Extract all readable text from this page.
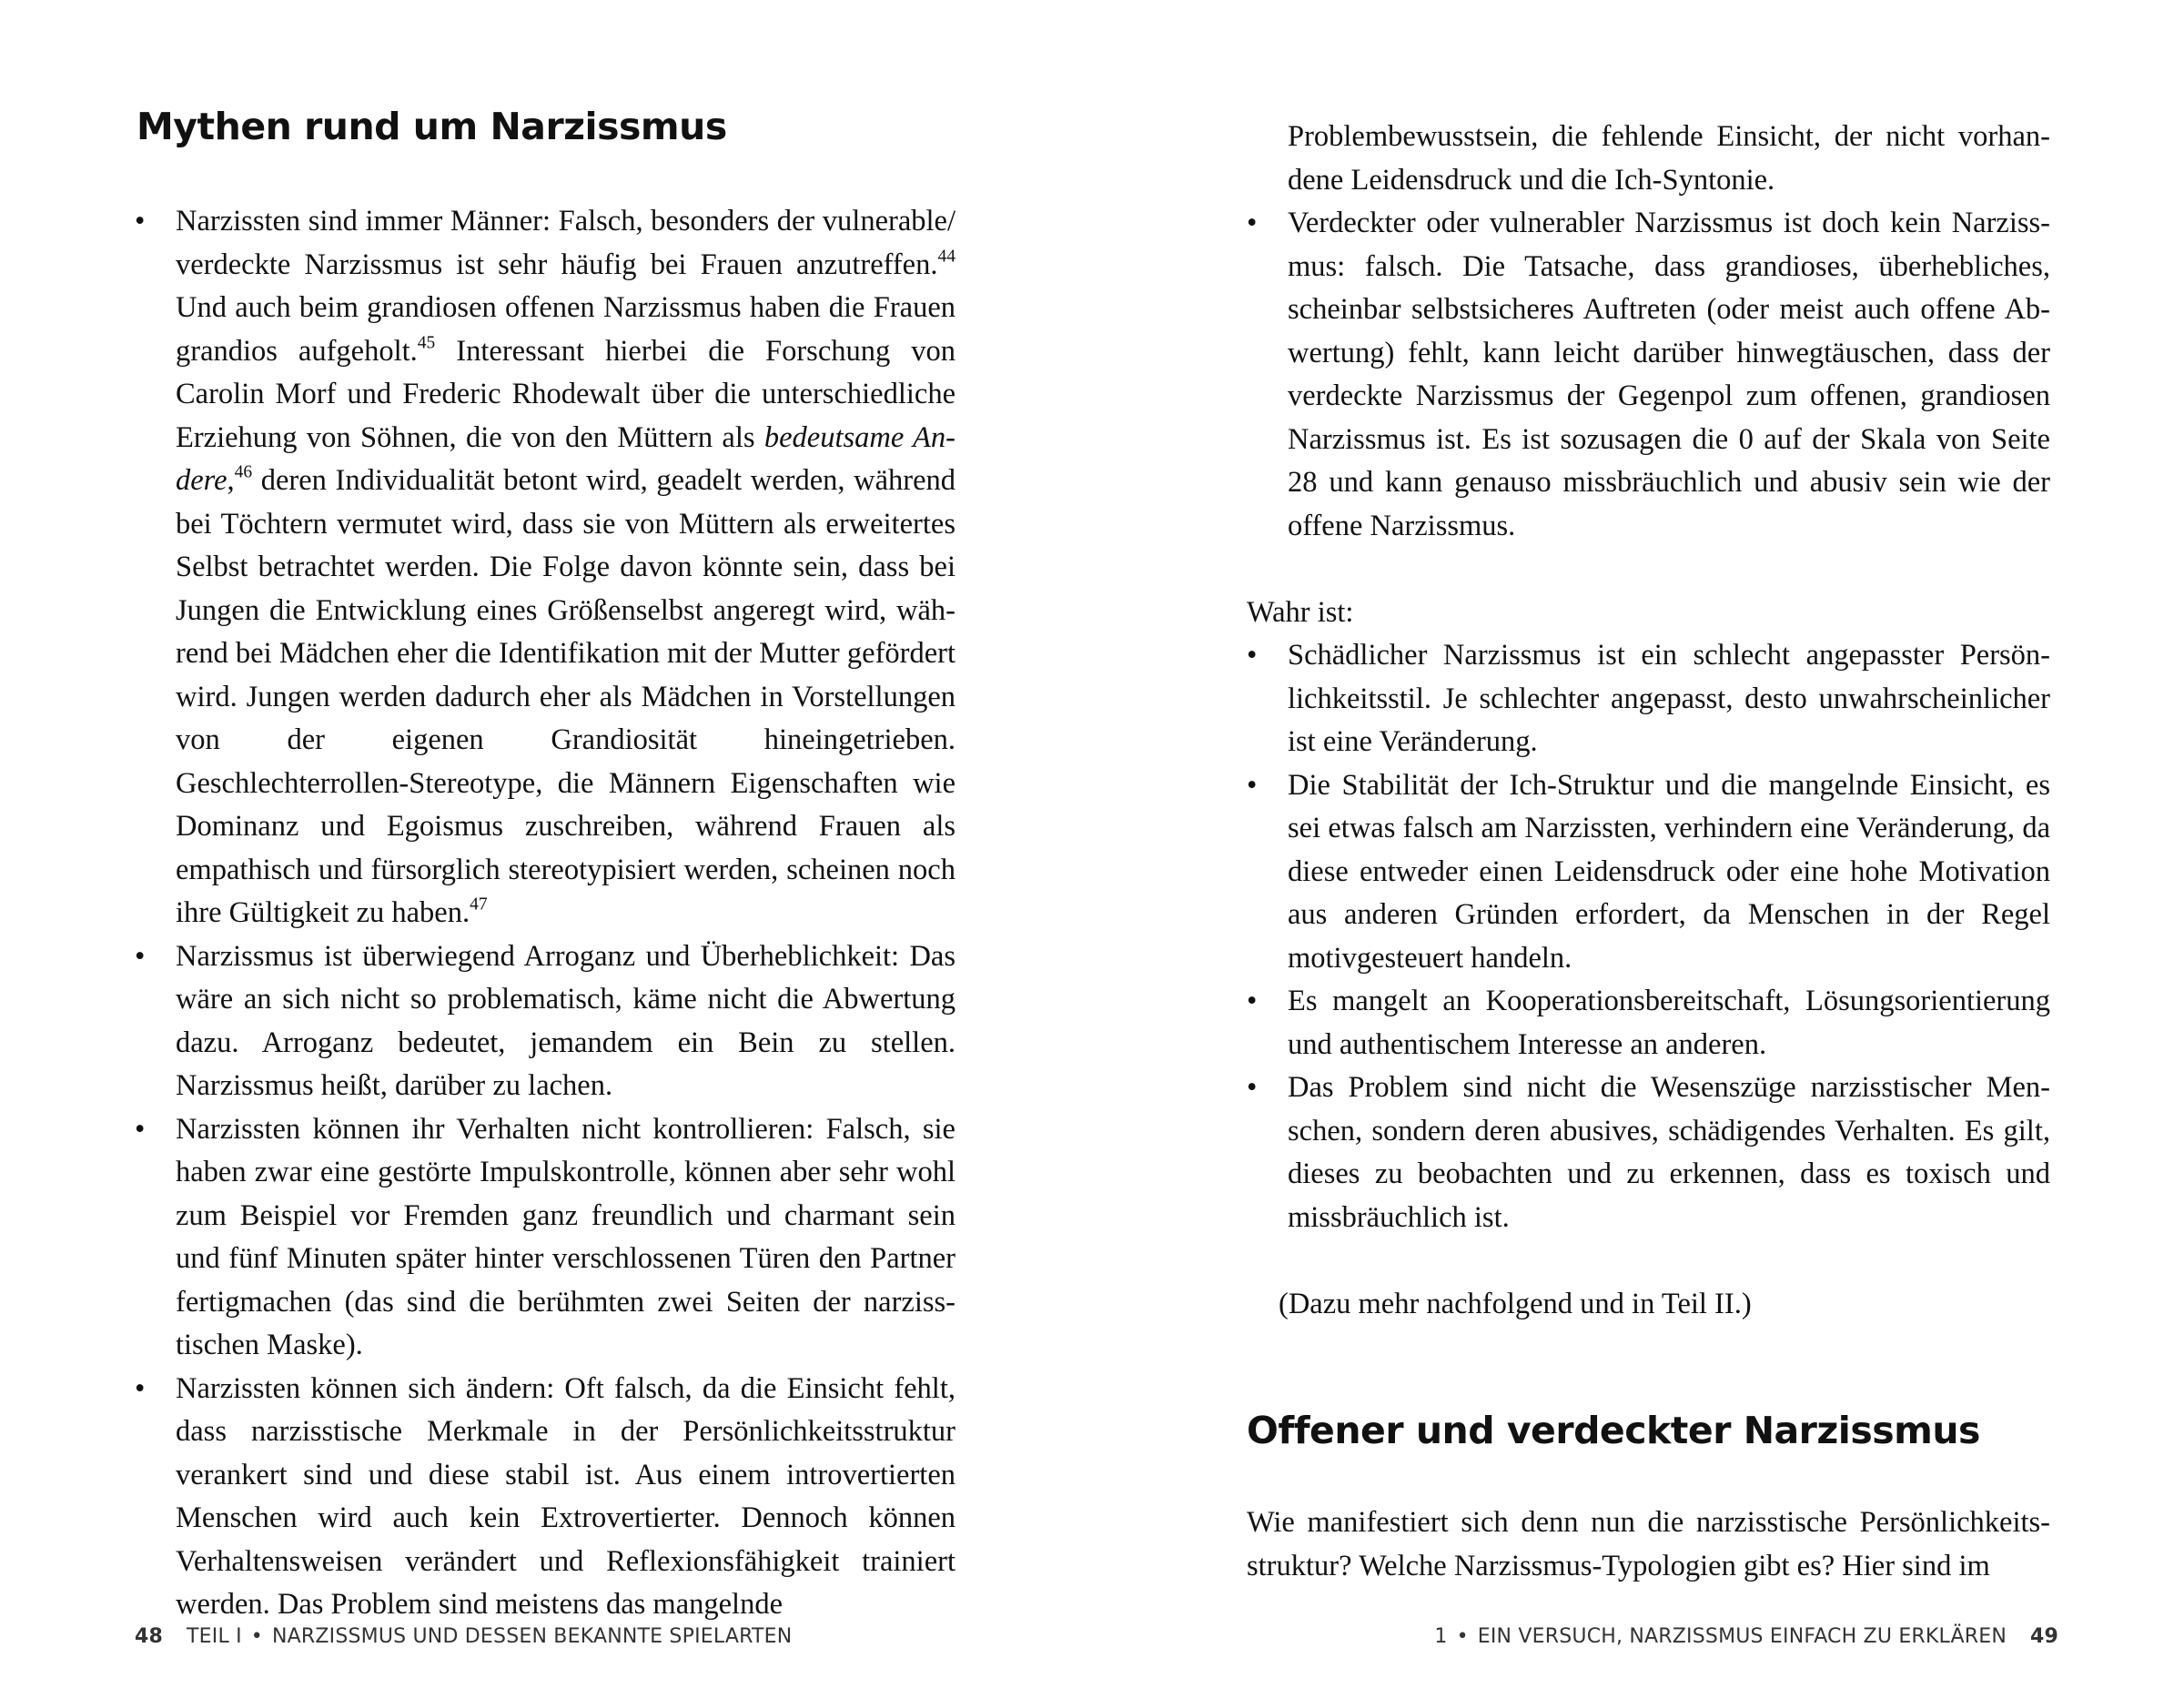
Mythen rund um Narzissmus
• Narzissten sind immer Männer: Falsch, besonders der vulnerable/ verdeckte Narzissmus ist sehr häufig bei Frauen anzutreffen.$^{44}$ Und auch beim grandiosen offenen Narzissmus haben die Frauen grandios aufgeholt.$^{45}$ Interessant hierbei die Forschung von Carolin Morf und Frederic Rhodewalt über die unterschiedliche Erziehung von Söhnen, die von den Müttern als bedeutsame Andere,$^{46}$ deren Individualität betont wird, geadelt werden, während bei Töchtern vermutet wird, dass sie von Müttern als erweitertes Selbst betrachtet werden. Die Folge davon könnte sein, dass bei Jungen die Entwicklung eines Größenselbst angeregt wird, während bei Mädchen eher die Identifikation mit der Mutter gefördert wird. Jungen werden dadurch eher als Mädchen in Vorstellungen von der eigenen Grandiosität hineingetrieben. Geschlechterrollen-Stereotype, die Männern Eigenschaften wie Dominanz und Egoismus zuschreiben, während Frauen als empathisch und fürsorglich stereotypisiert werden, scheinen noch ihre Gültigkeit zu haben.$^{47}$
• Narzissmus ist überwiegend Arroganz und Überheblichkeit: Das wäre an sich nicht so problematisch, käme nicht die Abwertung dazu. Arroganz bedeutet, jemandem ein Bein zu stellen. Narzissmus heißt, darüber zu lachen.
• Narzissten können ihr Verhalten nicht kontrollieren: Falsch, sie haben zwar eine gestörte Impulskontrolle, können aber sehr wohl zum Beispiel vor Fremden ganz freundlich und charmant sein und fünf Minuten später hinter verschlossenen Türen den Partner fertigmachen (das sind die berühmten zwei Seiten der narzisstischen Maske).
• Narzissten können sich ändern: Oft falsch, da die Einsicht fehlt, dass narzisstische Merkmale in der Persönlichkeitsstruktur verankert sind und diese stabil ist. Aus einem introvertierten Menschen wird auch kein Extrovertierter. Dennoch können Verhaltensweisen verändert und Reflexionsfähigkeit trainiert werden. Das Problem sind meistens das mangelnde
48 TEIL I • NARZISSMUS UND DESSEN BEKANNTE SPIELARTEN
Problembewusstsein, die fehlende Einsicht, der nicht vorhandene Leidensdruck und die Ich-Syntonie.
• Verdeckter oder vulnerabler Narzissmus ist doch kein Narzissmus: falsch. Die Tatsache, dass grandioses, überhebliches, scheinbar selbstsicheres Auftreten (oder meist auch offene Abwertung) fehlt, kann leicht darüber hinwegtäuschen, dass der verdeckte Narzissmus der Gegenpol zum offenen, grandiosen Narzissmus ist. Es ist sozusagen die 0 auf der Skala von Seite 28 und kann genauso missbräuchlich und abusiv sein wie der offene Narzissmus.
Wahr ist:
• Schädlicher Narzissmus ist ein schlecht angepasster Persönlichkeitsstil. Je schlechter angepasst, desto unwahrscheinlicher ist eine Veränderung.
• Die Stabilität der Ich-Struktur und die mangelnde Einsicht, es sei etwas falsch am Narzissten, verhindern eine Veränderung, da diese entweder einen Leidensdruck oder eine hohe Motivation aus anderen Gründen erfordert, da Menschen in der Regel motivgesteuert handeln.
• Es mangelt an Kooperationsbereitschaft, Lösungsorientierung und authentischem Interesse an anderen.
• Das Problem sind nicht die Wesenszüge narzisstischer Menschen, sondern deren abusives, schädigendes Verhalten. Es gilt, dieses zu beobachten und zu erkennen, dass es toxisch und missbräuchlich ist.
(Dazu mehr nachfolgend und in Teil II.)
Offener und verdeckter Narzissmus
Wie manifestiert sich denn nun die narzisstische Persönlichkeitsstruktur? Welche Narzissmus-Typologien gibt es? Hier sind im
1 • EIN VERSUCH, NARZISSMUS EINFACH ZU ERKLÄREN 49
